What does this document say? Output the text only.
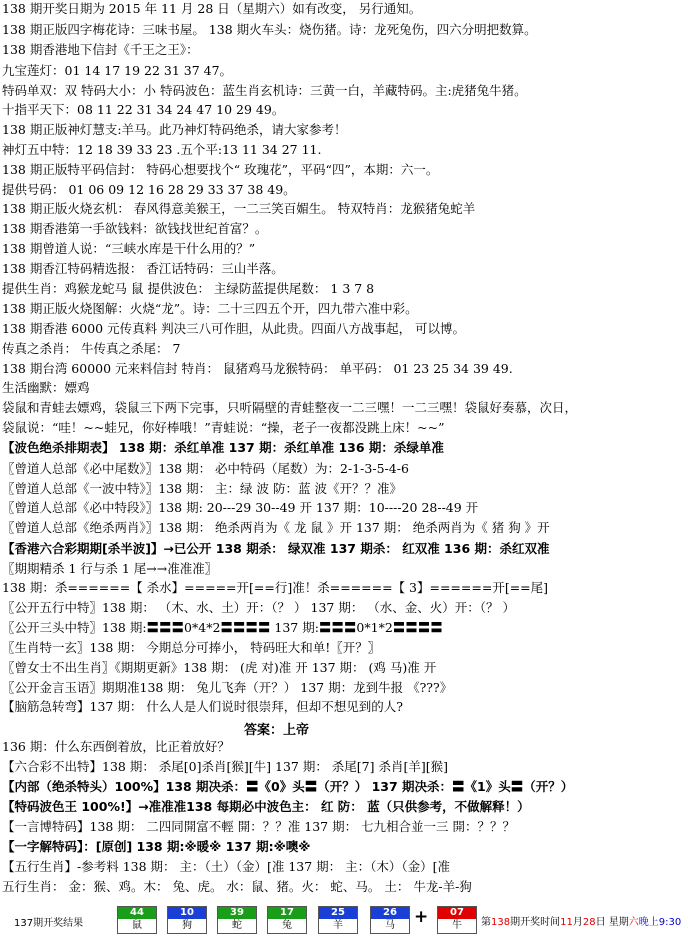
138 期开奖日期为 2015 年 11 月 28 日（星期六）如有改变， 另行通知。
138 期正版四字梅花诗：三味书屋。 138 期火车头：烧伤猪。诗：龙死兔伤，四六分明把数算。
138 期香港地下信封《千王之王》：
九宝莲灯：01 14 17 19 22 31 37 47。
特码单双：双 特码大小：小 特码波色：蓝生肖玄机诗：三黄一白，羊藏特码。主:虎猪兔牛猪。
十指平天下：08 11 22 31 34 24 47 10 29 49。
138 期正版神灯慧支:羊马。此乃神灯特码绝杀，请大家参考！
神灯五中特：12 18 39 33 23 .五个平:13 11 34 27 11.
138 期正版特平码信封： 特码心想要找个“ 玫瑰花”，平码“四”，本期：六一。
提供号码： 01 06 09 12 16 28 29 33 37 38 49。
138 期正版火烧玄机： 春风得意美猴王，一二三笑百媚生。 特双特肖：龙猴猪兔蛇羊
138 期香港第一手欲钱料：欲钱找世纪首富？。
138 期曾道人说：“三峡水库是干什么用的？”
138 期香江特码精选报： 香江话特码：三山半落。
提供生肖：鸡猴龙蛇马 鼠 提供波色： 主绿防蓝提供尾数： 1 3 7 8
138 期正版火烧图解：火烧“龙”。诗：二十三四五个开，四九带六准中彩。
138 期香港 6000 元传真料 判决三八可作胆，从此贵。四面八方战事起， 可以博。
传真之杀肖： 牛传真之杀尾： 7
138 期台湾 60000 元来料信封 特肖： 鼠猪鸡马龙猴特码： 单平码： 01 23 25 34 39 49.
生活幽默：嫖鸡
袋鼠和青蛙去嫖鸡，袋鼠三下两下完事，只听隔壁的青蛙整夜一二三嘿！一二三嘿！袋鼠好奏慕，次日，
袋鼠说：“哇！~~蛙兄，你好棒哦！”青蛙说：“操，老子一夜都没跳上床！~~”
【波色绝杀排期表】 138 期：杀红单准 137 期：杀红单准 136 期：杀绿单准
〖曾道人总部《必中尾数》〗138 期： 必中特码（尾数）为：2-1-3-5-4-6
〖曾道人总部《一波中特》〗138 期： 主：绿 波 防：蓝 波《开？？准》
〖曾道人总部《必中特段》〗138 期: 20---29 30--49 开 137 期：10----20 28--49 开
〖曾道人总部《绝杀两肖》〗138 期： 绝杀两肖为《 龙 鼠 》开 137 期： 绝杀两肖为《 猪 狗 》开
【香港六合彩期期[杀半波]】→已公开 138 期杀： 绿双准 137 期杀： 红双准 136 期：杀红双准
〖期期精杀 1 行与杀 1 尾→→准准准〗
138 期：杀======【 杀水】=====开[==行]准！杀======【 3】======开[==尾]
〖公开五行中特〗138 期： （木、水、土）开：（？ ） 137 期： （水、金、火）开：（？ ）
〖公开三头中特〗138 期:〓〓〓0*4*2〓〓〓〓 137 期:〓〓〓0*1*2〓〓〓〓
〖生肖特一玄〗138 期： 今期总分可捧小， 特码旺大和单!〖开？〗
〖曾女士不出生肖〗《期期更新》138 期： (虎 对)准 开 137 期： (鸡 马)准 开
〖公开金言玉语〗期期准138 期： 兔儿飞奔（开？） 137 期：龙到牛报 《???》
【脑筋急转弯】137 期： 什么人是人们说时很崇拜，但却不想见到的人?
答案：上帝
136 期：什么东西倒着放，比正着放好？
【六合彩不出特】138 期： 杀尾[0]杀肖[猴][牛] 137 期： 杀尾[7] 杀肖[羊][猴]
【内部（绝杀特头）100%】138 期决杀：〓《0》头〓（开？） 137 期决杀：〓《1》头〓（开？）
【特码波色王 100%!】→准准准138 每期必中波色主： 红 防： 蓝（只供参考，不做解释！）
【一言博特码】138 期： 二四同開富不輕 開：？？准 137 期： 七九相合並一三 開：？？？
【一字解特码】：[原创] 138 期:※暖※ 137 期:※噢※
【五行生肖】-参考料 138 期： 主：（土）（金）[准 137 期： 主：（木）（金）[准
五行生肖： 金：猴、鸡。木： 兔、虎。 水：鼠、猪。火： 蛇、马。 土： 牛龙-羊-狗
137期开奖结果
44
鼠
10
狗
39
蛇
17
兔
25
羊
26
马	+	07
牛	第138期开奖时间11月28日 星期六晚上9:30
